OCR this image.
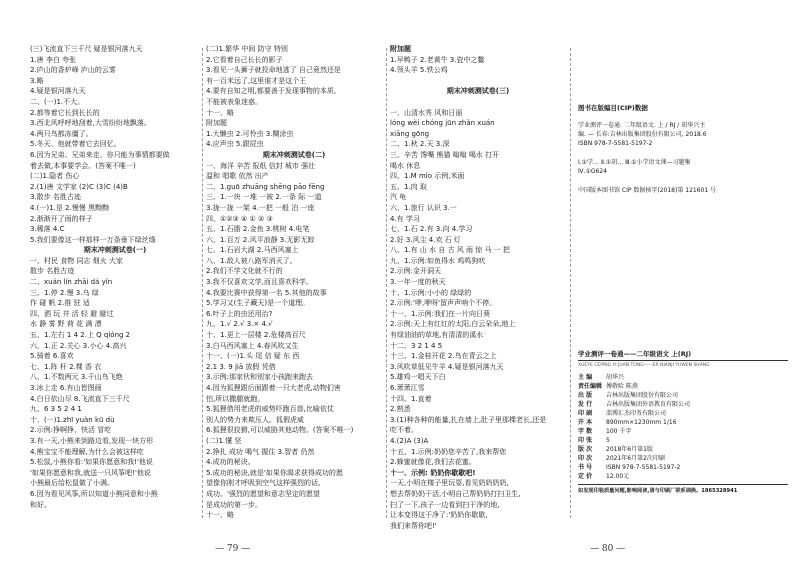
(三)飞流直下三千尺 疑是银河落九天
1.唐 李白 夸张
2.庐山的香炉峰 庐山的云雾
3.略
4.疑是银河落九天
二、(一)1.不大。
2.都等着它长到长长的
3.西北风呼呼地刮着,大雪纷纷地飘落。
4.两只鸟都冻僵了。
5.冬天、他就带着它去回忆。
6.因为兄弟、兄弟来走、你只能为事情都要做
着去做,本事要学会。(答案不唯一)
(二)1.隐者 伤心
2.(1)唐 文学家 (2)C (3)C (4)B
3.散步 名胜古迹
4.(一)1.是 2.慢慢 黑黝黝
2.渐渐开了雨的样子
3.稀落 4.C
5.我们要像这一样那样一万条垂下绿丝绦
期末冲刺测试卷(一)
一、村民 食物 同志 烟火 大家
散步 名胜古迹
二、xuán lín zhāi dá yǐn
三、1.停 2.慢 3.乌 绿
作 碰 帆 2.推 驻 适
四、洒 玩 井 活 轻 避 避过
水 静 雾 野 荷 花 满 漂
五、1.左右 1 4 2.上 Q qióng 2
六、1.正 2.关心 3.小心 4.高兴
5.骑着 6.喜欢
七、1.阵 杆 2.棵 香 衣
八、1.不数两元 3.千山鸟飞绝
3.冰上走 6.有山皆图画
4.白日依山尽 8.飞流直下三千尺
九、6 3 5 2 4 1
十、(一)1.zhī yuàn kū dù
2.示例:挣啊挣、快活 冒吃
3.有一天,小熊来到路边看,发现一块方形
4.熊宝宝不能理解,为什么会被这样吃
5.松鼠,小熊你看:'如果你愿意和我!'他说
'如果你愿意和我,就送一只风筝吧!'他说
小熊最后给松鼠做了小满。
6.因为看见风筝,所以知道小熊同意和小熊
和好。
(二)1.繁华 中间 防守 特别
2.它看着自己长长的影子
3.看见一头狮子就投命地逃了 自己竟然还是
有一百米远了,这里谁才是这个王
4.要有自知之明,都要善于发现事物的本质,
不能被表象迷惑。
十一、略
附加题
1.大懒虫 2.可怜虫 3.糊涂虫
4.应声虫 5.跟屁虫
期末冲刺测试卷(二)
一、海洋 辛苦 报纸 信封 城市 强壮
温和 唱歌 依然 出产
二、1.guō zhuāng shēng pāo fēng
三、1.一块 一堆 一被 2.一条 际 一道
3.拢一拢 一架 4.一把 一般 泊 一座
四、①②③ ④ ① ② ③
五、1.石脂 2.金鱼 3.桃树 4.电笔
六、1.百万 2.风平浪静 3.无影无踪
七、1.石岩大湖 2.马西风塞上
八、1.敌人被八路军消灭了。
2.我们不学文化就不行的
3.我不仅喜欢文学,而且喜欢科学。
4.我要比赛中获得第一名 5.其他的故事
5.学习又(生子藏天)是一个道理。
6.叶子上的虫还用治?
九、1.√ 2.√ 3.× 4.√
十、1.更上一层楼 2.危楼高百尺
3.白马西风塞上 4.春风吹又生
十一、(一)1.头 尾 信 疑 东 西
2.1 3. 9 jiā 放假 凭借
3.示例:那家伙和别家小孩跑来跑去
4.因为狐狸跟后面跟着一只大老虎,动物们害
怕,所以撒腿就跑。
5.狐狸借用老虎的威势吓跑百兽,比喻依仗
别人的势力来欺压人。狐假虎威
6.狐狸很狡猾,可以威胁其他动物。(答案不唯一)
(二)1.懂 坚
2.挣扎 成功 喝气 握住 3.智者 仍然
4.成功的秘诀。
5.成功的秘诀,就是'如果你渴求获得成功的愿
望像你刚才呼吸到空气这样强烈的话,
成功。'强烈的愿望和意志坚定的愿望
是成功的第一步。
十一、略
附加题
1.早鸭子 2.老黄牛 3.瓷中之鳖
4.领头羊 5.铁公鸡
期末冲刺测试卷(三)
一、山清水秀 风和日丽
lóng wèi chóng jūn zhǎn xuán
xiāng gōng
二、1.秋 2.天 3.深
三、辛苦 馋嘴 熊猫 嗡嗡 喝水 打开
喝水 休息
四、1.M mǐo 示例,米面
五、1.肉 取
汽 龟
六、1.旅行 认识 3.一
4.有 学习
七、1.石 2.有 3.向 4.学习
2.好 3.风尘 4.欢 石 灯
八、1.有 山 水 自 古 风 雨 惊 马 一 把
九、1.示例:如鱼得水 鸡鸣狗吠
2.示例:金开洞天
3.一年一度的秋天
十、1.示例:小小的 绿绿的
2.示例:'咿,咿呀'留声声响个不停。
十一、1.示例:我们在一片向日葵
2.示例:天上有红红的太阳,白云朵朵,地上
有绿油油的草地,有清清的溪水
十二、3 2 1 4 5
十三、1.金桂开花 2.鸟在青云之上
3.风吹草低见牛羊 4.疑是银河落九天
5.雄鸡一唱天下白
6.萧萧江雪
十四、1.直着
2.熟悉
3.(1)种各种的能量,扎在墙上,肚子里那棵老长,还是
吃不着。
4.(2)A (3)A
十五、1.示例:奶奶您辛苦了,我来帮您
2.蜂蜜就像花,我们去花蜜。
十一、示例: 奶奶你歇歇吧!
一天,小明在楼子里玩耍,看见奶奶奶奶,
想去帮奶奶干活,小明自己帮奶奶打扫卫生,
扫了一下,孩子一边看到扫干净的地,
让本变得这干净了:'奶奶你歇歇,
我们来帮你吧!'
图书在版编目(CIP)数据
学业测评一卷通. 二年级语文. 上 / RJ / 胡华兴主
编. — 长春:吉林出版集团股份有限公司, 2018.6
ISBN 978-7-5581-5197-2
Ⅰ.①学… Ⅱ.①胡… Ⅲ.①小学语文课—习题集
Ⅳ.①G624
中国版本图书馆 CIP 数据核字(2018)第 121601 号
学业测评一卷通——二年级语文 上(RJ)
XUEYE CEPING YI JUAN TONG——ER NIANJI YUWEN SHANG
主 编 胡华兴
责任编辑 傅敬哈 陈燕
出 版 吉林出版集团股份有限公司
发 行 吉林出版集团外语教育有限公司
印 刷 淄博汇杰印务有限公司
开 本 890mm×1230mm 1/16
字 数 100 千字
印 张 5
版 次 2018年6月第1版
印 次 2021年6月第2次印刷
书 号 ISBN 978-7-5581-5197-2
定 价 12.00元
如发现印装质量问题,影响阅读,请与印刷厂联系调换。1865328941
— 79 —	— 80 —
